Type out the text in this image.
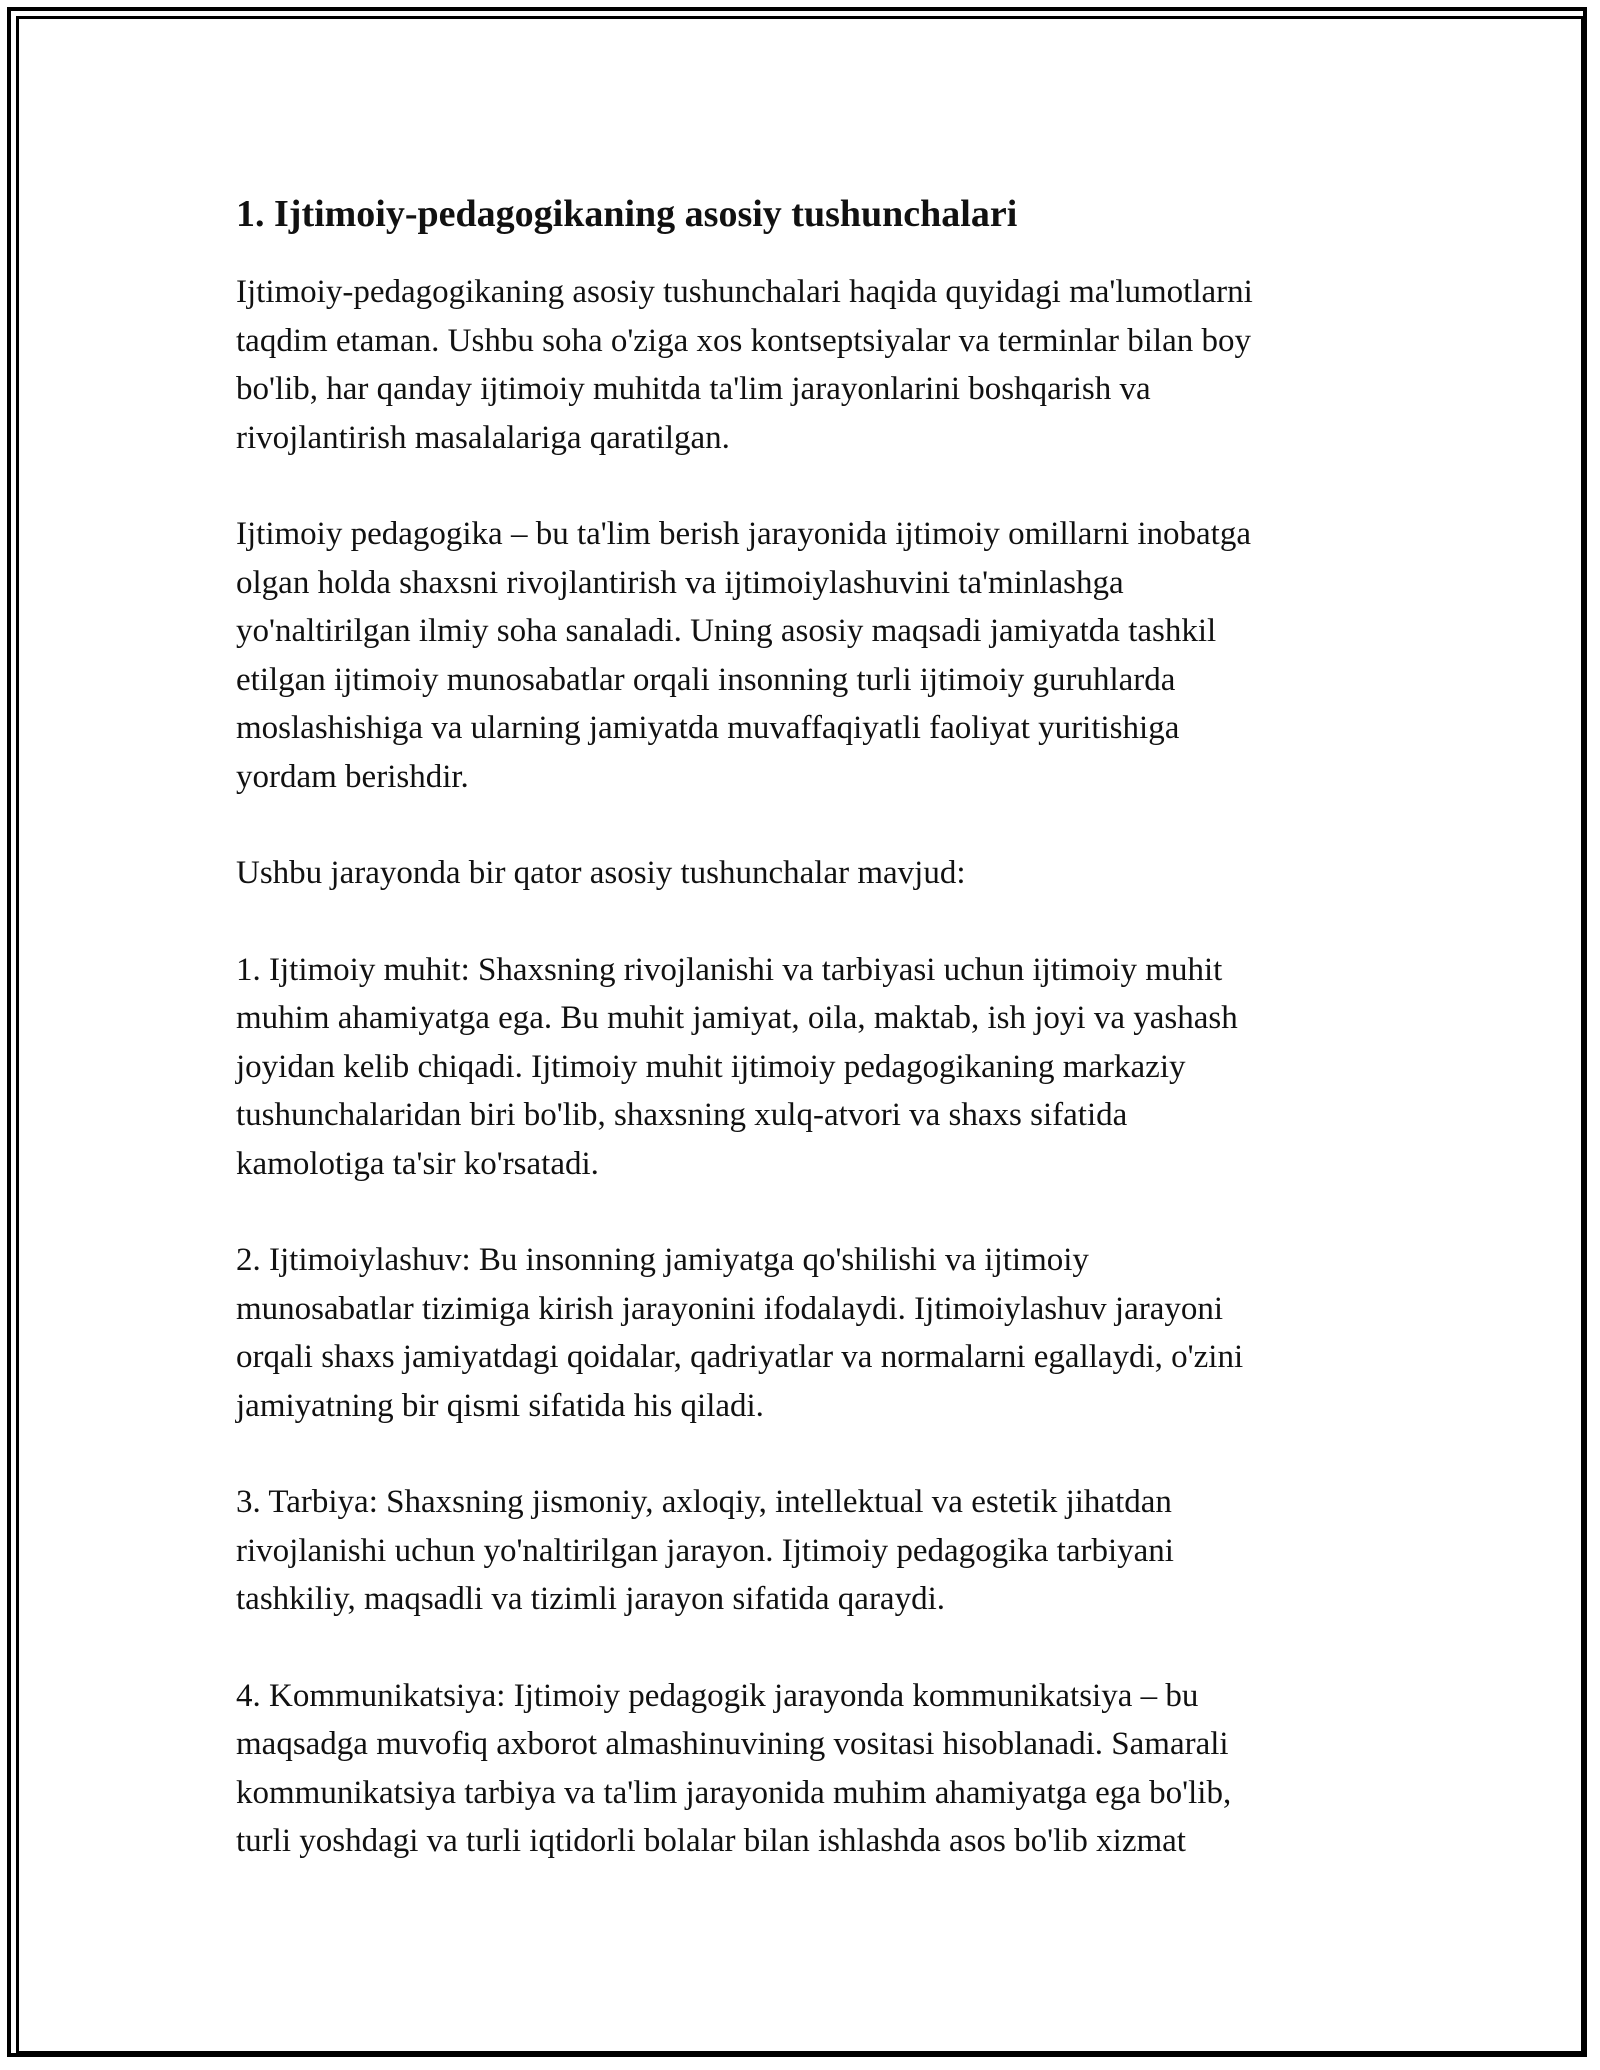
1. Ijtimoiy-pedagogikaning asosiy tushunchalari

Ijtimoiy-pedagogikaning asosiy tushunchalari haqida quyidagi ma'lumotlarni
taqdim etaman. Ushbu soha o'ziga xos kontseptsiyalar va terminlar bilan boy
bo'lib, har qanday ijtimoiy muhitda ta'lim jarayonlarini boshqarish va
rivojlantirish masalalariga qaratilgan.

Ijtimoiy pedagogika – bu ta'lim berish jarayonida ijtimoiy omillarni inobatga
olgan holda shaxsni rivojlantirish va ijtimoiylashuvini ta'minlashga
yo'naltirilgan ilmiy soha sanaladi. Uning asosiy maqsadi jamiyatda tashkil
etilgan ijtimoiy munosabatlar orqali insonning turli ijtimoiy guruhlarda
moslashishiga va ularning jamiyatda muvaffaqiyatli faoliyat yuritishiga
yordam berishdir.

Ushbu jarayonda bir qator asosiy tushunchalar mavjud:

1. Ijtimoiy muhit: Shaxsning rivojlanishi va tarbiyasi uchun ijtimoiy muhit
muhim ahamiyatga ega. Bu muhit jamiyat, oila, maktab, ish joyi va yashash
joyidan kelib chiqadi. Ijtimoiy muhit ijtimoiy pedagogikaning markaziy
tushunchalaridan biri bo'lib, shaxsning xulq-atvori va shaxs sifatida
kamolotiga ta'sir ko'rsatadi.

2. Ijtimoiylashuv: Bu insonning jamiyatga qo'shilishi va ijtimoiy
munosabatlar tizimiga kirish jarayonini ifodalaydi. Ijtimoiylashuv jarayoni
orqali shaxs jamiyatdagi qoidalar, qadriyatlar va normalarni egallaydi, o'zini
jamiyatning bir qismi sifatida his qiladi.

3. Tarbiya: Shaxsning jismoniy, axloqiy, intellektual va estetik jihatdan
rivojlanishi uchun yo'naltirilgan jarayon. Ijtimoiy pedagogika tarbiyani
tashkiliy, maqsadli va tizimli jarayon sifatida qaraydi.

4. Kommunikatsiya: Ijtimoiy pedagogik jarayonda kommunikatsiya – bu
maqsadga muvofiq axborot almashinuvining vositasi hisoblanadi. Samarali
kommunikatsiya tarbiya va ta'lim jarayonida muhim ahamiyatga ega bo'lib,
turli yoshdagi va turli iqtidorli bolalar bilan ishlashda asos bo'lib xizmat
